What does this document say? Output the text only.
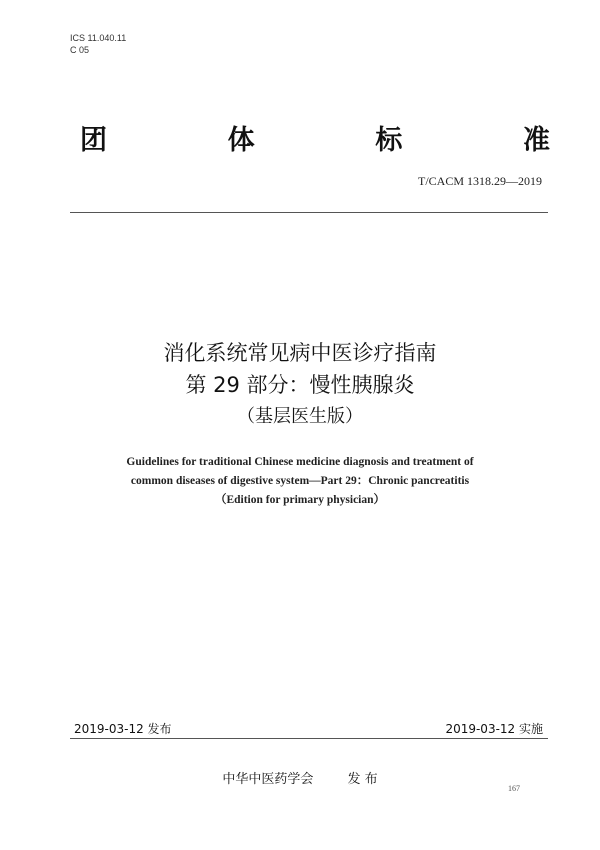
ICS 11.040.11
C 05
团	体	标	准
T/CACM 1318.29—2019
消化系统常见病中医诊疗指南
第 29 部分：慢性胰腺炎
（基层医生版）
Guidelines for traditional Chinese medicine diagnosis and treatment of
common diseases of digestive system—Part 29：Chronic pancreatitis
（Edition for primary physician）
2019-03-12 发布	2019-03-12 实施
中华中医药学会	发 布
167
